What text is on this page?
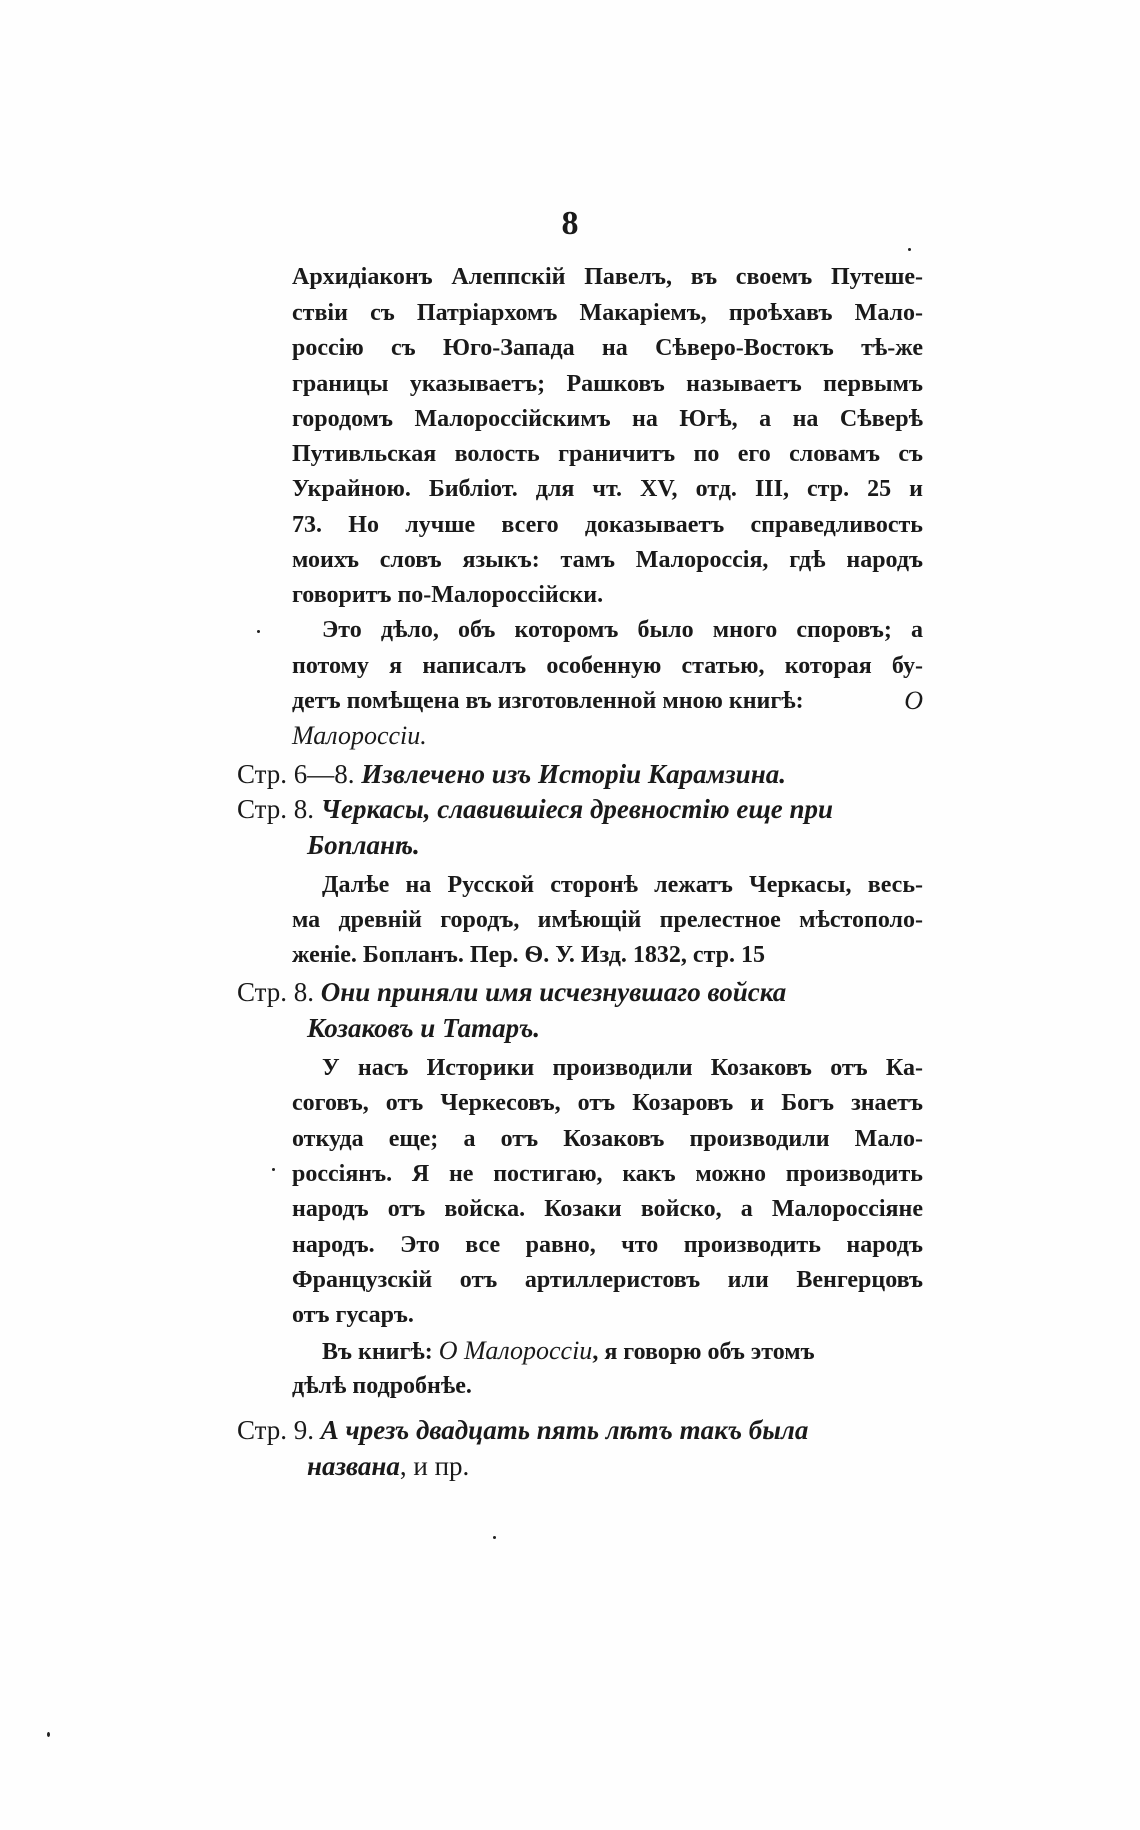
8
Архидіаконъ Алеппскій Павелъ, въ своемъ Путеше-
ствіи съ Патріархомъ Макаріемъ, проѣхавъ Мало-
россію съ Юго-Запада на Сѣверо-Востокъ тѣ-же
границы указываетъ; Рашковъ называетъ первымъ
городомъ Малороссійскимъ на Югѣ, а на Сѣверѣ
Путивльская волость граничитъ по его словамъ съ
Украйною. Библіот. для чт. XV, отд. III, стр. 25 и
73. Но лучше всего доказываетъ справедливость
моихъ словъ языкъ: тамъ Малороссія, гдѣ народъ
говоритъ по-Малороссійски.
Это дѣло, объ которомъ было много споровъ; а
потому я написалъ особенную статью, которая бу-
детъ помѣщена въ изготовленной мною книгѣ:	О
Малороссіи.
Стр. 6—8. Извлечено изъ Исторіи Карамзина.
Стр. 8. Черкасы, славившіеся древностію еще при
Бопланѣ.
Далѣе на Русской сторонѣ лежатъ Черкасы, весь-
ма древній городъ, имѣющій прелестное мѣстополо-
женіе. Бопланъ. Пер. Ѳ. У. Изд. 1832, стр. 15
Стр. 8. Они приняли имя исчезнувшаго войска
Козаковъ и Татаръ.
У насъ Историки производили Козаковъ отъ Ка-
соговъ, отъ Черкесовъ, отъ Козаровъ и Богъ знаетъ
откуда еще; а отъ Козаковъ производили Мало-
россіянъ. Я не постигаю, какъ можно производить
народъ отъ войска. Козаки войско, а Малороссіяне
народъ. Это все равно, что производить народъ
Французскій отъ артиллеристовъ или Венгерцовъ
отъ гусаръ.
Въ книгѣ: О Малороссіи, я говорю объ этомъ
дѣлѣ подробнѣе.
Стр. 9. А чрезъ двадцать пять лѣтъ такъ была
названа, и пр.
